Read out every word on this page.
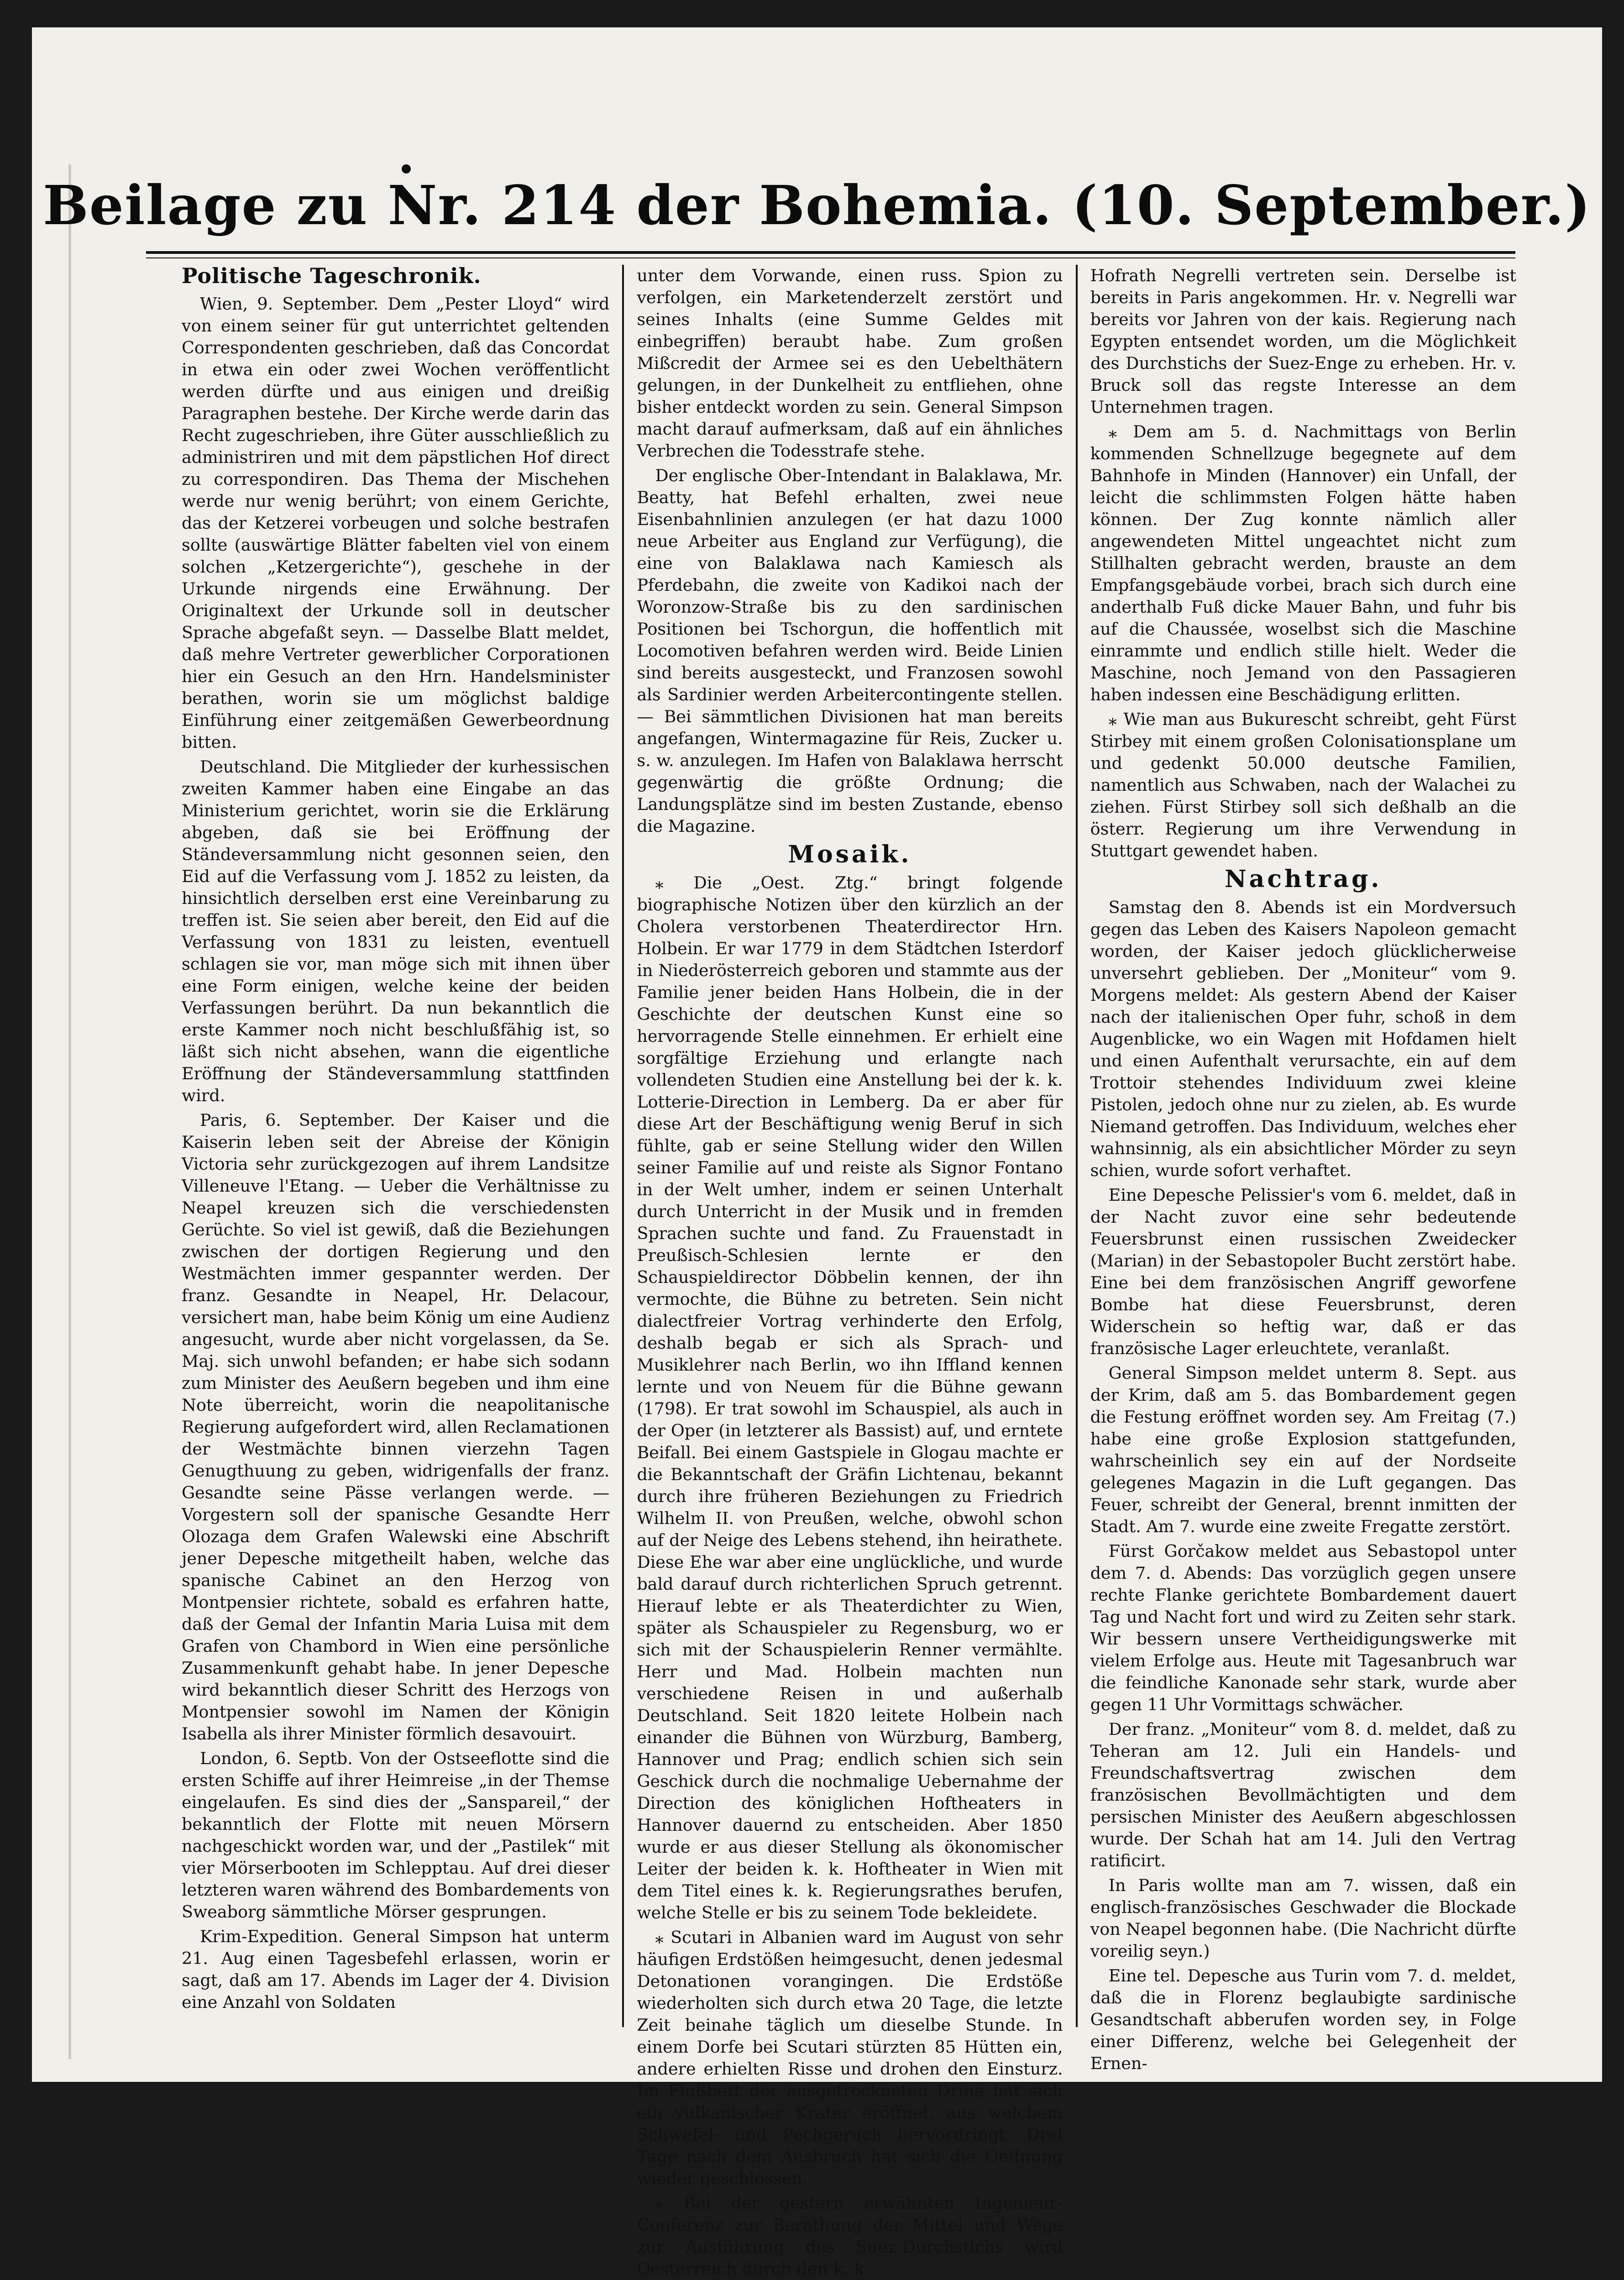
Beilage zu Nr. 214 der Bohemia. (10. September.)
Politische Tageschronik.

Wien, 9. September. Dem „Pester Lloyd“ wird von einem seiner für gut unterrichtet geltenden Correspondenten geschrieben, daß das Concordat in etwa ein oder zwei Wochen veröffentlicht werden dürfte und aus einigen und dreißig Paragraphen bestehe. Der Kirche werde darin das Recht zugeschrieben, ihre Güter ausschließlich zu administriren und mit dem päpstlichen Hof direct zu correspondiren. Das Thema der Mischehen werde nur wenig berührt; von einem Gerichte, das der Ketzerei vorbeugen und solche bestrafen sollte (auswärtige Blätter fabelten viel von einem solchen „Ketzergerichte“), geschehe in der Urkunde nirgends eine Erwähnung. Der Originaltext der Urkunde soll in deutscher Sprache abgefaßt seyn. — Dasselbe Blatt meldet, daß mehre Vertreter gewerblicher Corporationen hier ein Gesuch an den Hrn. Handelsminister berathen, worin sie um möglichst baldige Einführung einer zeitgemäßen Gewerbeordnung bitten.

Deutschland. Die Mitglieder der kurhessischen zweiten Kammer haben eine Eingabe an das Ministerium gerichtet, worin sie die Erklärung abgeben, daß sie bei Eröffnung der Ständeversammlung nicht gesonnen seien, den Eid auf die Verfassung vom J. 1852 zu leisten, da hinsichtlich derselben erst eine Vereinbarung zu treffen ist. Sie seien aber bereit, den Eid auf die Verfassung von 1831 zu leisten, eventuell schlagen sie vor, man möge sich mit ihnen über eine Form einigen, welche keine der beiden Verfassungen berührt. Da nun bekanntlich die erste Kammer noch nicht beschlußfähig ist, so läßt sich nicht absehen, wann die eigentliche Eröffnung der Ständeversammlung stattfinden wird.

Paris, 6. September. Der Kaiser und die Kaiserin leben seit der Abreise der Königin Victoria sehr zurückgezogen auf ihrem Landsitze Villeneuve l'Etang. — Ueber die Verhältnisse zu Neapel kreuzen sich die verschiedensten Gerüchte. So viel ist gewiß, daß die Beziehungen zwischen der dortigen Regierung und den Westmächten immer gespannter werden. Der franz. Gesandte in Neapel, Hr. Delacour, versichert man, habe beim König um eine Audienz angesucht, wurde aber nicht vorgelassen, da Se. Maj. sich unwohl befanden; er habe sich sodann zum Minister des Aeußern begeben und ihm eine Note überreicht, worin die neapolitanische Regierung aufgefordert wird, allen Reclamationen der Westmächte binnen vierzehn Tagen Genugthuung zu geben, widrigenfalls der franz. Gesandte seine Pässe verlangen werde. — Vorgestern soll der spanische Gesandte Herr Olozaga dem Grafen Walewski eine Abschrift jener Depesche mitgetheilt haben, welche das spanische Cabinet an den Herzog von Montpensier richtete, sobald es erfahren hatte, daß der Gemal der Infantin Maria Luisa mit dem Grafen von Chambord in Wien eine persönliche Zusammenkunft gehabt habe. In jener Depesche wird bekanntlich dieser Schritt des Herzogs von Montpensier sowohl im Namen der Königin Isabella als ihrer Minister förmlich desavouirt.

London, 6. Septb. Von der Ostseeflotte sind die ersten Schiffe auf ihrer Heimreise „in der Themse eingelaufen. Es sind dies der „Sanspareil,“ der bekanntlich der Flotte mit neuen Mörsern nachgeschickt worden war, und der „Pastilek“ mit vier Mörserbooten im Schlepptau. Auf drei dieser letzteren waren während des Bombardements von Sweaborg sämmtliche Mörser gesprungen.

Krim-Expedition. General Simpson hat unterm 21. Aug einen Tagesbefehl erlassen, worin er sagt, daß am 17. Abends im Lager der 4. Division eine Anzahl von Soldaten

unter dem Vorwande, einen russ. Spion zu verfolgen, ein Marketenderzelt zerstört und seines Inhalts (eine Summe Geldes mit einbegriffen) beraubt habe. Zum großen Mißcredit der Armee sei es den Uebelthätern gelungen, in der Dunkelheit zu entfliehen, ohne bisher entdeckt worden zu sein. General Simpson macht darauf aufmerksam, daß auf ein ähnliches Verbrechen die Todesstrafe stehe.

Der englische Ober-Intendant in Balaklawa, Mr. Beatty, hat Befehl erhalten, zwei neue Eisenbahnlinien anzulegen (er hat dazu 1000 neue Arbeiter aus England zur Verfügung), die eine von Balaklawa nach Kamiesch als Pferdebahn, die zweite von Kadikoi nach der Woronzow-Straße bis zu den sardinischen Positionen bei Tschorgun, die hoffentlich mit Locomotiven befahren werden wird. Beide Linien sind bereits ausgesteckt, und Franzosen sowohl als Sardinier werden Arbeitercontingente stellen. — Bei sämmtlichen Divisionen hat man bereits angefangen, Wintermagazine für Reis, Zucker u. s. w. anzulegen. Im Hafen von Balaklawa herrscht gegenwärtig die größte Ordnung; die Landungsplätze sind im besten Zustande, ebenso die Magazine.

Mosaik.

⁎ Die „Oest. Ztg.“ bringt folgende biographische Notizen über den kürzlich an der Cholera verstorbenen Theaterdirector Hrn. Holbein. Er war 1779 in dem Städtchen Isterdorf in Niederösterreich geboren und stammte aus der Familie jener beiden Hans Holbein, die in der Geschichte der deutschen Kunst eine so hervorragende Stelle einnehmen. Er erhielt eine sorgfältige Erziehung und erlangte nach vollendeten Studien eine Anstellung bei der k. k. Lotterie-Direction in Lemberg. Da er aber für diese Art der Beschäftigung wenig Beruf in sich fühlte, gab er seine Stellung wider den Willen seiner Familie auf und reiste als Signor Fontano in der Welt umher, indem er seinen Unterhalt durch Unterricht in der Musik und in fremden Sprachen suchte und fand. Zu Frauenstadt in Preußisch-Schlesien lernte er den Schauspieldirector Döbbelin kennen, der ihn vermochte, die Bühne zu betreten. Sein nicht dialectfreier Vortrag verhinderte den Erfolg, deshalb begab er sich als Sprach- und Musiklehrer nach Berlin, wo ihn Iffland kennen lernte und von Neuem für die Bühne gewann (1798). Er trat sowohl im Schauspiel, als auch in der Oper (in letzterer als Bassist) auf, und erntete Beifall. Bei einem Gastspiele in Glogau machte er die Bekanntschaft der Gräfin Lichtenau, bekannt durch ihre früheren Beziehungen zu Friedrich Wilhelm II. von Preußen, welche, obwohl schon auf der Neige des Lebens stehend, ihn heirathete. Diese Ehe war aber eine unglückliche, und wurde bald darauf durch richterlichen Spruch getrennt. Hierauf lebte er als Theaterdichter zu Wien, später als Schauspieler zu Regensburg, wo er sich mit der Schauspielerin Renner vermählte. Herr und Mad. Holbein machten nun verschiedene Reisen in und außerhalb Deutschland. Seit 1820 leitete Holbein nach einander die Bühnen von Würzburg, Bamberg, Hannover und Prag; endlich schien sich sein Geschick durch die nochmalige Uebernahme der Direction des königlichen Hoftheaters in Hannover dauernd zu entscheiden. Aber 1850 wurde er aus dieser Stellung als ökonomischer Leiter der beiden k. k. Hoftheater in Wien mit dem Titel eines k. k. Regierungsrathes berufen, welche Stelle er bis zu seinem Tode bekleidete.

⁎ Scutari in Albanien ward im August von sehr häufigen Erdstößen heimgesucht, denen jedesmal Detonationen vorangingen. Die Erdstöße wiederholten sich durch etwa 20 Tage, die letzte Zeit beinahe täglich um dieselbe Stunde. In einem Dorfe bei Scutari stürzten 85 Hütten ein, andere erhielten Risse und drohen den Einsturz. Im Flußbett der ausgetrockneten Drina hat sich ein vulkanischer Krater eröffnet, aus welchem Schwefel- und Pechgeruch hervordringt. Drei Tage nach dem Ausbruch hat sich die Oeffnung wieder geschlossen.

⁎ Bei der gestern erwähnten Ingenieur-Conferenz zur Berathung der Mittel und Wege zur Ausführung des Suez-Durchstichs wird Oesterreich durch den k. k.

Hofrath Negrelli vertreten sein. Derselbe ist bereits in Paris angekommen. Hr. v. Negrelli war bereits vor Jahren von der kais. Regierung nach Egypten entsendet worden, um die Möglichkeit des Durchstichs der Suez-Enge zu erheben. Hr. v. Bruck soll das regste Interesse an dem Unternehmen tragen.

⁎ Dem am 5. d. Nachmittags von Berlin kommenden Schnellzuge begegnete auf dem Bahnhofe in Minden (Hannover) ein Unfall, der leicht die schlimmsten Folgen hätte haben können. Der Zug konnte nämlich aller angewendeten Mittel ungeachtet nicht zum Stillhalten gebracht werden, brauste an dem Empfangsgebäude vorbei, brach sich durch eine anderthalb Fuß dicke Mauer Bahn, und fuhr bis auf die Chaussée, woselbst sich die Maschine einrammte und endlich stille hielt. Weder die Maschine, noch Jemand von den Passagieren haben indessen eine Beschädigung erlitten.

⁎ Wie man aus Bukurescht schreibt, geht Fürst Stirbey mit einem großen Colonisationsplane um und gedenkt 50.000 deutsche Familien, namentlich aus Schwaben, nach der Walachei zu ziehen. Fürst Stirbey soll sich deßhalb an die österr. Regierung um ihre Verwendung in Stuttgart gewendet haben.

Nachtrag.

Samstag den 8. Abends ist ein Mordversuch gegen das Leben des Kaisers Napoleon gemacht worden, der Kaiser jedoch glücklicherweise unversehrt geblieben. Der „Moniteur“ vom 9. Morgens meldet: Als gestern Abend der Kaiser nach der italienischen Oper fuhr, schoß in dem Augenblicke, wo ein Wagen mit Hofdamen hielt und einen Aufenthalt verursachte, ein auf dem Trottoir stehendes Individuum zwei kleine Pistolen, jedoch ohne nur zu zielen, ab. Es wurde Niemand getroffen. Das Individuum, welches eher wahnsinnig, als ein absichtlicher Mörder zu seyn schien, wurde sofort verhaftet.

Eine Depesche Pelissier's vom 6. meldet, daß in der Nacht zuvor eine sehr bedeutende Feuersbrunst einen russischen Zweidecker (Marian) in der Sebastopoler Bucht zerstört habe. Eine bei dem französischen Angriff geworfene Bombe hat diese Feuersbrunst, deren Widerschein so heftig war, daß er das französische Lager erleuchtete, veranlaßt.

General Simpson meldet unterm 8. Sept. aus der Krim, daß am 5. das Bombardement gegen die Festung eröffnet worden sey. Am Freitag (7.) habe eine große Explosion stattgefunden, wahrscheinlich sey ein auf der Nordseite gelegenes Magazin in die Luft gegangen. Das Feuer, schreibt der General, brennt inmitten der Stadt. Am 7. wurde eine zweite Fregatte zerstört.

Fürst Gorčakow meldet aus Sebastopol unter dem 7. d. Abends: Das vorzüglich gegen unsere rechte Flanke gerichtete Bombardement dauert Tag und Nacht fort und wird zu Zeiten sehr stark. Wir bessern unsere Vertheidigungswerke mit vielem Erfolge aus. Heute mit Tagesanbruch war die feindliche Kanonade sehr stark, wurde aber gegen 11 Uhr Vormittags schwächer.

Der franz. „Moniteur“ vom 8. d. meldet, daß zu Teheran am 12. Juli ein Handels- und Freundschaftsvertrag zwischen dem französischen Bevollmächtigten und dem persischen Minister des Aeußern abgeschlossen wurde. Der Schah hat am 14. Juli den Vertrag ratificirt.

In Paris wollte man am 7. wissen, daß ein englisch-französisches Geschwader die Blockade von Neapel begonnen habe. (Die Nachricht dürfte voreilig seyn.)

Eine tel. Depesche aus Turin vom 7. d. meldet, daß die in Florenz beglaubigte sardinische Gesandtschaft abberufen worden sey, in Folge einer Differenz, welche bei Gelegenheit der Ernen-
